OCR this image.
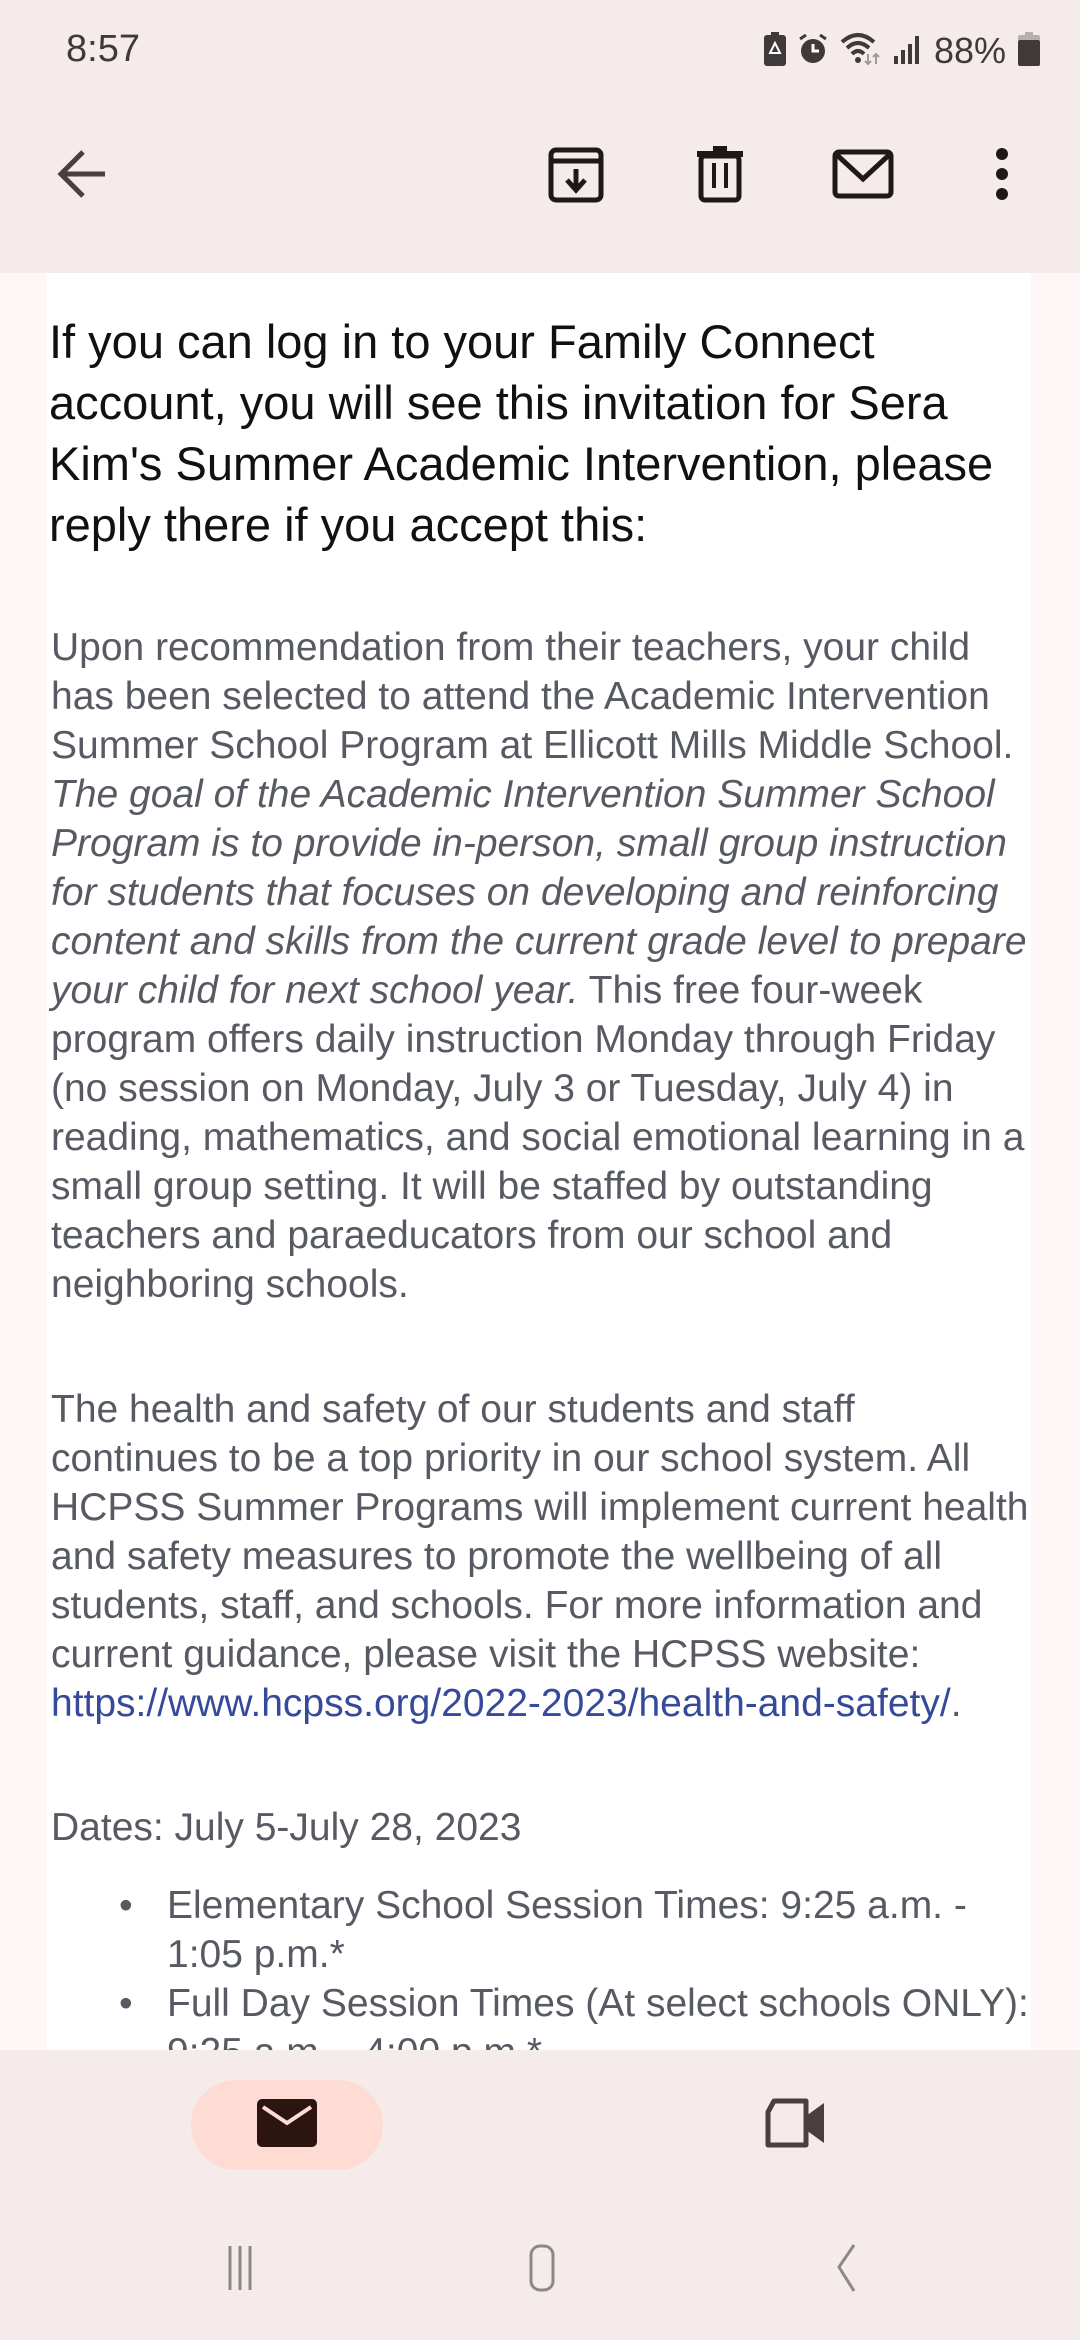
8:57	88%

If you can log in to your Family Connect account, you will see this invitation for Sera Kim's Summer Academic Intervention, please reply there if you accept this:

Upon recommendation from their teachers, your child has been selected to attend the Academic Intervention Summer School Program at Ellicott Mills Middle School. The goal of the Academic Intervention Summer School Program is to provide in-person, small group instruction for students that focuses on developing and reinforcing content and skills from the current grade level to prepare your child for next school year. This free four-week program offers daily instruction Monday through Friday (no session on Monday, July 3 or Tuesday, July 4) in reading, mathematics, and social emotional learning in a small group setting. It will be staffed by outstanding teachers and paraeducators from our school and neighboring schools.

The health and safety of our students and staff continues to be a top priority in our school system. All HCPSS Summer Programs will implement current health and safety measures to promote the wellbeing of all students, staff, and schools. For more information and current guidance, please visit the HCPSS website: https://www.hcpss.org/2022-2023/health-and-safety/.

Dates: July 5-July 28, 2023

• Elementary School Session Times: 9:25 a.m. - 1:05 p.m.*
• Full Day Session Times (At select schools ONLY):
